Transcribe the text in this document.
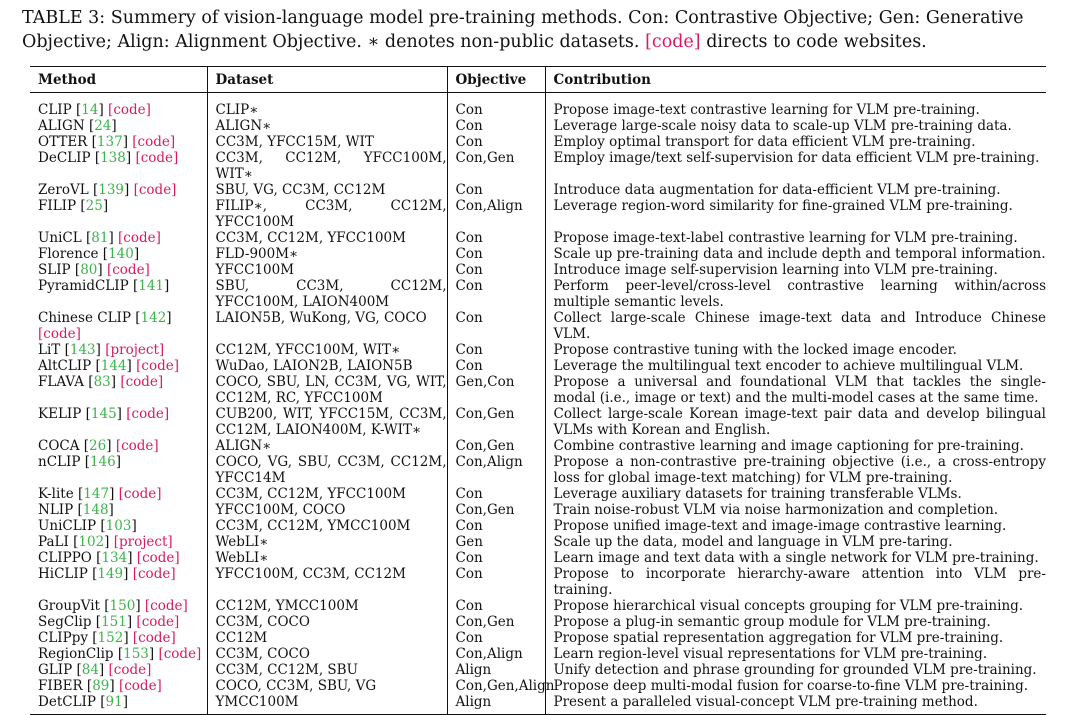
TABLE 3: Summery of vision-language model pre-training methods. Con: Contrastive Objective; Gen: Generative Objective; Align: Alignment Objective. ∗ denotes non-public datasets. [code] directs to code websites.
Method	Dataset	Objective	Contribution
CLIP [14] [code]	CLIP∗	Con	Propose image-text contrastive learning for VLM pre-training.
ALIGN [24]	ALIGN∗	Con	Leverage large-scale noisy data to scale-up VLM pre-training data.
OTTER [137] [code]	CC3M, YFCC15M, WIT	Con	Employ optimal transport for data efficient VLM pre-training.
DeCLIP [138] [code]	CC3M, CC12M, YFCC100M, WIT∗	Con,Gen	Employ image/text self-supervision for data efficient VLM pre-training.
ZeroVL [139] [code]	SBU, VG, CC3M, CC12M	Con	Introduce data augmentation for data-efficient VLM pre-training.
FILIP [25]	FILIP∗, CC3M, CC12M, YFCC100M	Con,Align	Leverage region-word similarity for fine-grained VLM pre-training.
UniCL [81] [code]	CC3M, CC12M, YFCC100M	Con	Propose image-text-label contrastive learning for VLM pre-training.
Florence [140]	FLD-900M∗	Con	Scale up pre-training data and include depth and temporal information.
SLIP [80] [code]	YFCC100M	Con	Introduce image self-supervision learning into VLM pre-training.
PyramidCLIP [141]	SBU, CC3M, CC12M, YFCC100M, LAION400M	Con	Perform peer-level/cross-level contrastive learning within/across multiple semantic levels.
Chinese CLIP [142] [code]	LAION5B, WuKong, VG, COCO	Con	Collect large-scale Chinese image-text data and Introduce Chinese VLM.
LiT [143] [project]	CC12M, YFCC100M, WIT∗	Con	Propose contrastive tuning with the locked image encoder.
AltCLIP [144] [code]	WuDao, LAION2B, LAION5B	Con	Leverage the multilingual text encoder to achieve multilingual VLM.
FLAVA [83] [code]	COCO, SBU, LN, CC3M, VG, WIT, CC12M, RC, YFCC100M	Gen,Con	Propose a universal and foundational VLM that tackles the single-modal (i.e., image or text) and the multi-model cases at the same time.
KELIP [145] [code]	CUB200, WIT, YFCC15M, CC3M, CC12M, LAION400M, K-WIT∗	Con,Gen	Collect large-scale Korean image-text pair data and develop bilingual VLMs with Korean and English.
COCA [26] [code]	ALIGN∗	Con,Gen	Combine contrastive learning and image captioning for pre-training.
nCLIP [146]	COCO, VG, SBU, CC3M, CC12M, YFCC14M	Con,Align	Propose a non-contrastive pre-training objective (i.e., a cross-entropy loss for global image-text matching) for VLM pre-training.
K-lite [147] [code]	CC3M, CC12M, YFCC100M	Con	Leverage auxiliary datasets for training transferable VLMs.
NLIP [148]	YFCC100M, COCO	Con,Gen	Train noise-robust VLM via noise harmonization and completion.
UniCLIP [103]	CC3M, CC12M, YMCC100M	Con	Propose unified image-text and image-image contrastive learning.
PaLI [102] [project]	WebLI∗	Gen	Scale up the data, model and language in VLM pre-taring.
CLIPPO [134] [code]	WebLI∗	Con	Learn image and text data with a single network for VLM pre-training.
HiCLIP [149] [code]	YFCC100M, CC3M, CC12M	Con	Propose to incorporate hierarchy-aware attention into VLM pre-training.
GroupVit [150] [code]	CC12M, YMCC100M	Con	Propose hierarchical visual concepts grouping for VLM pre-training.
SegClip [151] [code]	CC3M, COCO	Con,Gen	Propose a plug-in semantic group module for VLM pre-training.
CLIPpy [152] [code]	CC12M	Con	Propose spatial representation aggregation for VLM pre-training.
RegionClip [153] [code]	CC3M, COCO	Con,Align	Learn region-level visual representations for VLM pre-training.
GLIP [84] [code]	CC3M, CC12M, SBU	Align	Unify detection and phrase grounding for grounded VLM pre-training.
FIBER [89] [code]	COCO, CC3M, SBU, VG	Con,Gen,Align	Propose deep multi-modal fusion for coarse-to-fine VLM pre-training.
DetCLIP [91]	YMCC100M	Align	Present a paralleled visual-concept VLM pre-training method.
